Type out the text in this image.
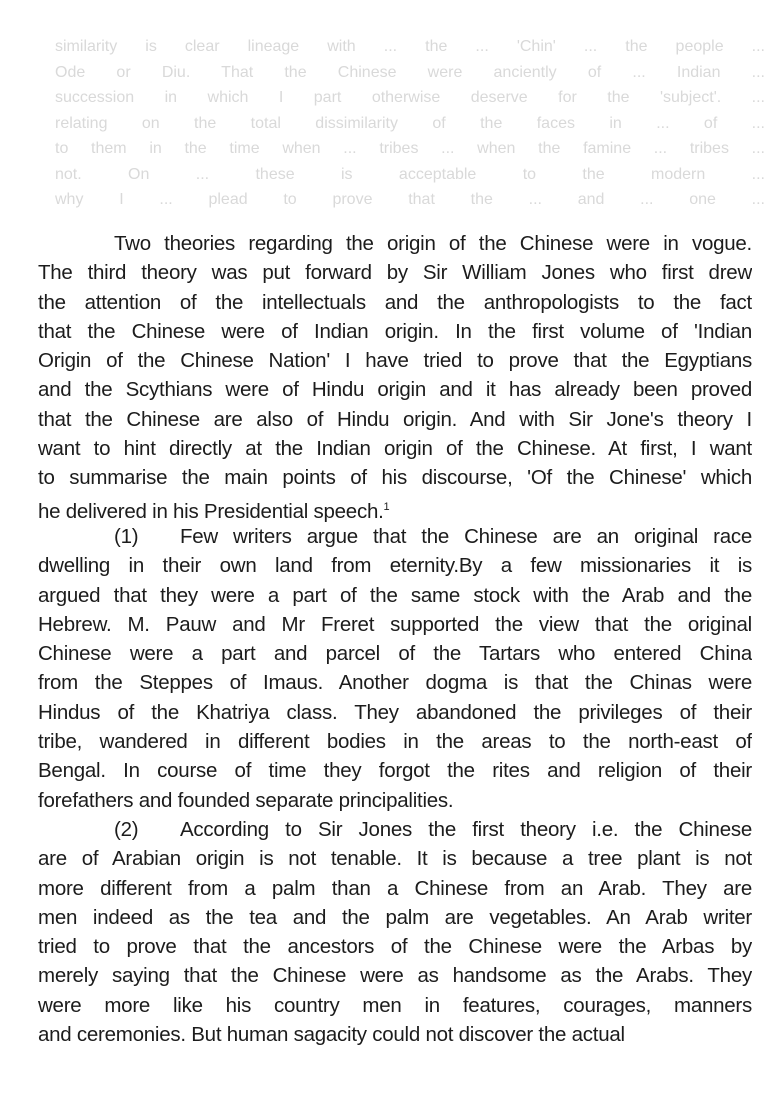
similarity is clear lineage with ... the ... 'Chin' ... the people ...
Ode or Diu. That the Chinese were anciently of ... Indian ...
succession in which I part otherwise deserve for the 'subject'. ...
relating on the total dissimilarity of the faces in ... of ...
to them in the time when ... tribes ... when the famine ... tribes ...
not. On ... these is acceptable to the modern ...
why I ... plead to prove that the ... and ... one ...
Two theories regarding the origin of the Chinese were in vogue.
The third theory was put forward by Sir William Jones who first drew
the attention of the intellectuals and the anthropologists to the fact
that the Chinese were of Indian origin. In the first volume of 'Indian
Origin of the Chinese Nation' I have tried to prove that the Egyptians
and the Scythians were of Hindu origin and it has already been proved
that the Chinese are also of Hindu origin. And with Sir Jone's theory I
want to hint directly at the Indian origin of the Chinese. At first, I want
to summarise the main points of his discourse, 'Of the Chinese' which
he delivered in his Presidential speech.$^1$
(1) Few writers argue that the Chinese are an original race
dwelling in their own land from eternity.By a few missionaries it is
argued that they were a part of the same stock with the Arab and the
Hebrew. M. Pauw and Mr Freret supported the view that the original
Chinese were a part and parcel of the Tartars who entered China
from the Steppes of Imaus. Another dogma is that the Chinas were
Hindus of the Khatriya class. They abandoned the privileges of their
tribe, wandered in different bodies in the areas to the north-east of
Bengal. In course of time they forgot the rites and religion of their
forefathers and founded separate principalities.
(2) According to Sir Jones the first theory i.e. the Chinese
are of Arabian origin is not tenable. It is because a tree plant is not
more different from a palm than a Chinese from an Arab. They are
men indeed as the tea and the palm are vegetables. An Arab writer
tried to prove that the ancestors of the Chinese were the Arbas by
merely saying that the Chinese were as handsome as the Arabs. They
were more like his country men in features, courages, manners
and ceremonies. But human sagacity could not discover the actual
